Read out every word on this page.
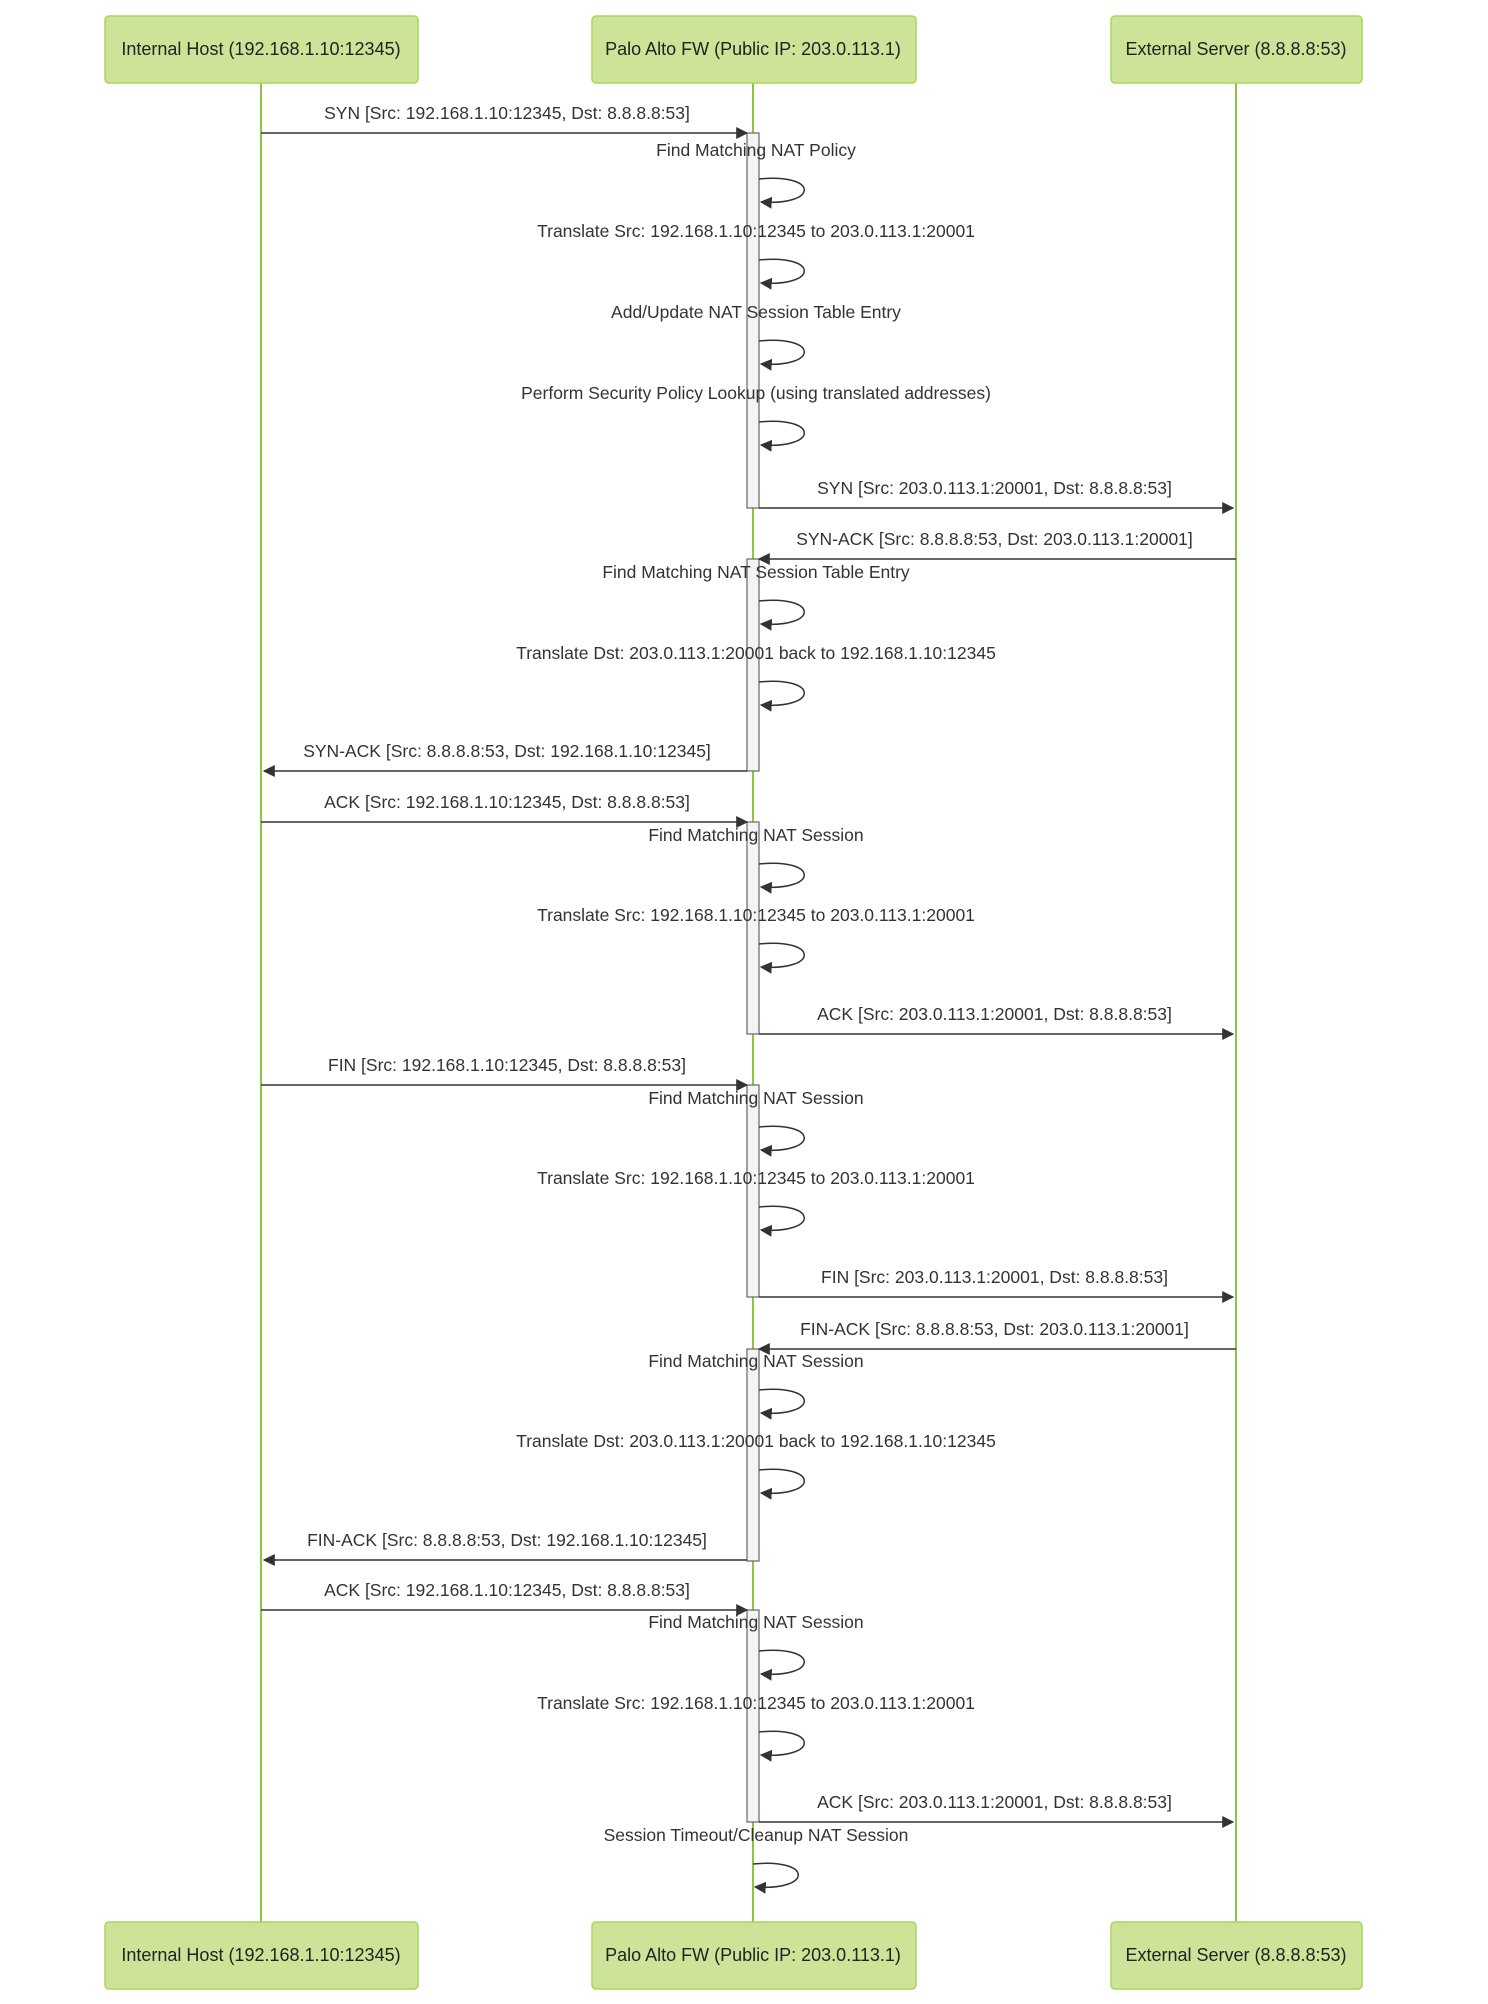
SYN [Src: 192.168.1.10:12345, Dst: 8.8.8.8:53]
Find Matching NAT Policy
Translate Src: 192.168.1.10:12345 to 203.0.113.1:20001
Add/Update NAT Session Table Entry
Perform Security Policy Lookup (using translated addresses)
SYN [Src: 203.0.113.1:20001, Dst: 8.8.8.8:53]
SYN-ACK [Src: 8.8.8.8:53, Dst: 203.0.113.1:20001]
Find Matching NAT Session Table Entry
Translate Dst: 203.0.113.1:20001 back to 192.168.1.10:12345
SYN-ACK [Src: 8.8.8.8:53, Dst: 192.168.1.10:12345]
ACK [Src: 192.168.1.10:12345, Dst: 8.8.8.8:53]
Find Matching NAT Session
Translate Src: 192.168.1.10:12345 to 203.0.113.1:20001
ACK [Src: 203.0.113.1:20001, Dst: 8.8.8.8:53]
FIN [Src: 192.168.1.10:12345, Dst: 8.8.8.8:53]
Find Matching NAT Session
Translate Src: 192.168.1.10:12345 to 203.0.113.1:20001
FIN [Src: 203.0.113.1:20001, Dst: 8.8.8.8:53]
FIN-ACK [Src: 8.8.8.8:53, Dst: 203.0.113.1:20001]
Find Matching NAT Session
Translate Dst: 203.0.113.1:20001 back to 192.168.1.10:12345
FIN-ACK [Src: 8.8.8.8:53, Dst: 192.168.1.10:12345]
ACK [Src: 192.168.1.10:12345, Dst: 8.8.8.8:53]
Find Matching NAT Session
Translate Src: 192.168.1.10:12345 to 203.0.113.1:20001
ACK [Src: 203.0.113.1:20001, Dst: 8.8.8.8:53]
Session Timeout/Cleanup NAT Session
Internal Host (192.168.1.10:12345)	Palo Alto FW (Public IP: 203.0.113.1)	External Server (8.8.8.8:53)
Internal Host (192.168.1.10:12345)	Palo Alto FW (Public IP: 203.0.113.1)	External Server (8.8.8.8:53)
